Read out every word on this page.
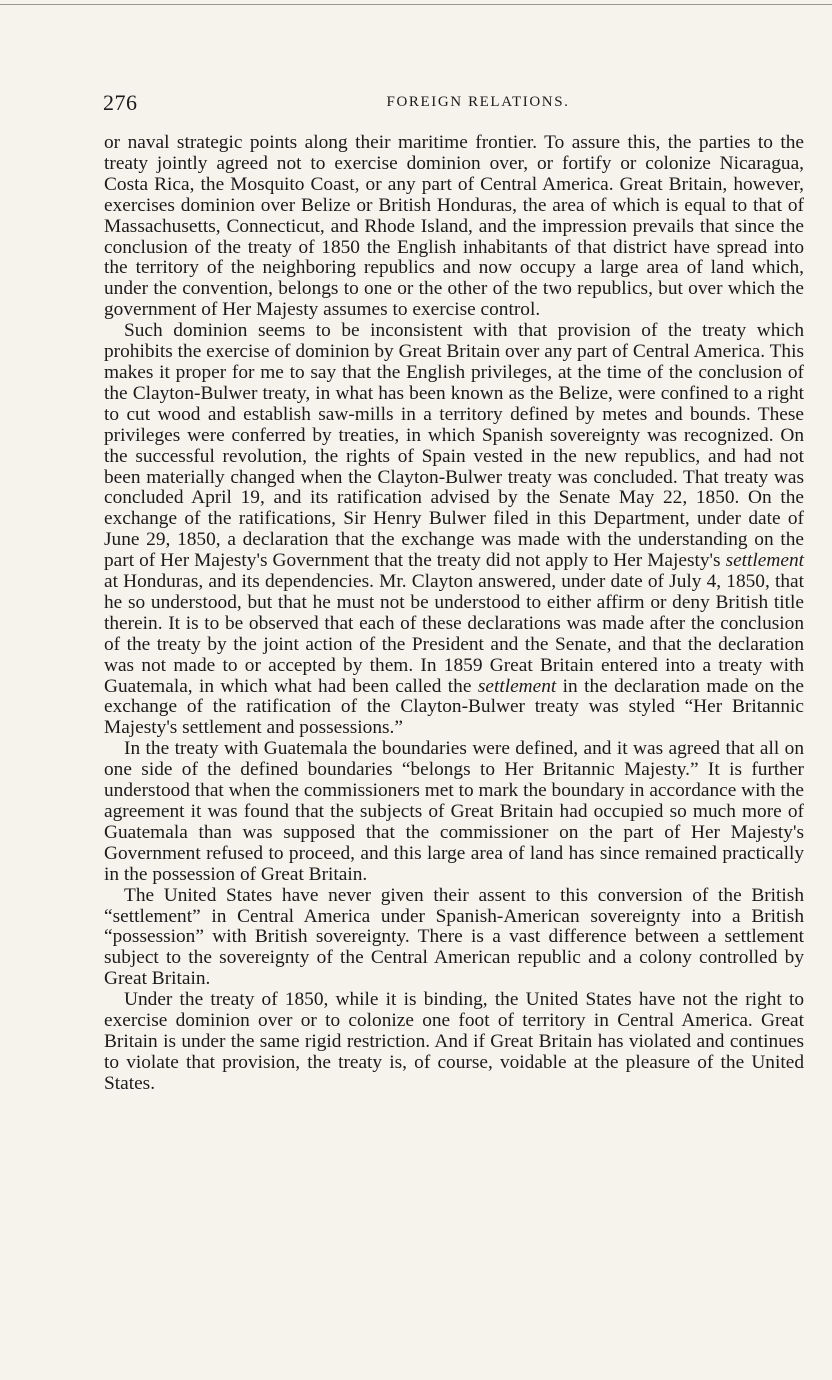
276	FOREIGN RELATIONS.

or naval strategic points along their maritime frontier. To assure this, the parties to the treaty jointly agreed not to exercise dominion over, or fortify or colonize Nicaragua, Costa Rica, the Mosquito Coast, or any part of Central America. Great Britain, however, exercises dominion over Belize or British Honduras, the area of which is equal to that of Massachusetts, Connecticut, and Rhode Island, and the impression prevails that since the conclusion of the treaty of 1850 the English inhabitants of that district have spread into the territory of the neighboring republics and now occupy a large area of land which, under the convention, belongs to one or the other of the two republics, but over which the government of Her Majesty assumes to exercise control.

Such dominion seems to be inconsistent with that provision of the treaty which prohibits the exercise of dominion by Great Britain over any part of Central America. This makes it proper for me to say that the English privileges, at the time of the conclusion of the Clayton-Bulwer treaty, in what has been known as the Belize, were confined to a right to cut wood and establish saw-mills in a territory defined by metes and bounds. These privileges were conferred by treaties, in which Spanish sovereignty was recognized. On the successful revolution, the rights of Spain vested in the new republics, and had not been materially changed when the Clayton-Bulwer treaty was concluded. That treaty was concluded April 19, and its ratification advised by the Senate May 22, 1850. On the exchange of the ratifications, Sir Henry Bulwer filed in this Department, under date of June 29, 1850, a declaration that the exchange was made with the understanding on the part of Her Majesty's Government that the treaty did not apply to Her Majesty's settlement at Honduras, and its dependencies. Mr. Clayton answered, under date of July 4, 1850, that he so understood, but that he must not be understood to either affirm or deny British title therein. It is to be observed that each of these declarations was made after the conclusion of the treaty by the joint action of the President and the Senate, and that the declaration was not made to or accepted by them. In 1859 Great Britain entered into a treaty with Guatemala, in which what had been called the settlement in the declaration made on the exchange of the ratification of the Clayton-Bulwer treaty was styled “Her Britannic Majesty's settlement and possessions.”

In the treaty with Guatemala the boundaries were defined, and it was agreed that all on one side of the defined boundaries “belongs to Her Britannic Majesty.” It is further understood that when the commissioners met to mark the boundary in accordance with the agreement it was found that the subjects of Great Britain had occupied so much more of Guatemala than was supposed that the commissioner on the part of Her Majesty's Government refused to proceed, and this large area of land has since remained practically in the possession of Great Britain.

The United States have never given their assent to this conversion of the British “settlement” in Central America under Spanish-American sovereignty into a British “possession” with British sovereignty. There is a vast difference between a settlement subject to the sovereignty of the Central American republic and a colony controlled by Great Britain.

Under the treaty of 1850, while it is binding, the United States have not the right to exercise dominion over or to colonize one foot of territory in Central America. Great Britain is under the same rigid restriction. And if Great Britain has violated and continues to violate that provision, the treaty is, of course, voidable at the pleasure of the United States.
